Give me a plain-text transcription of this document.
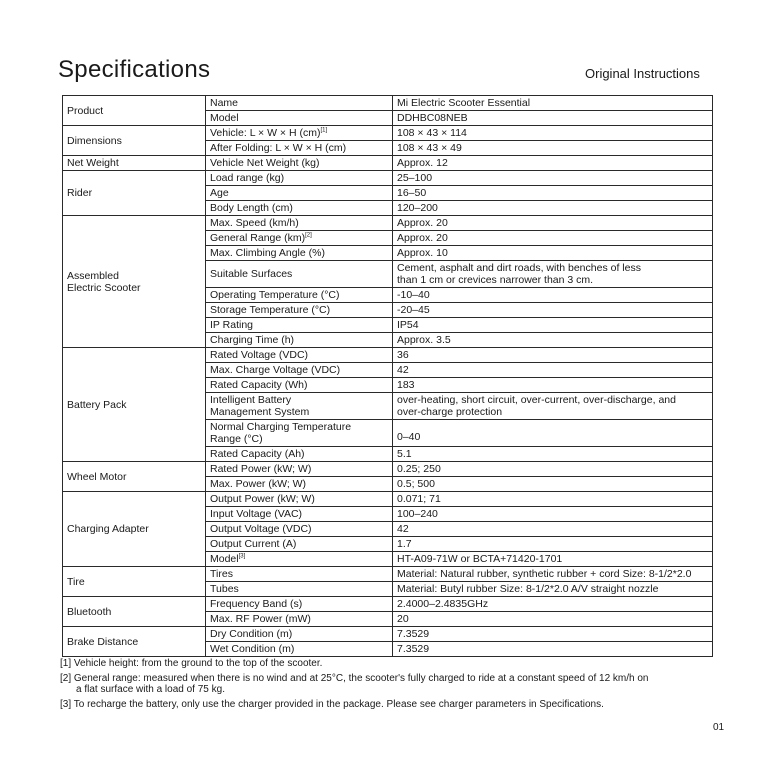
Specifications	Original Instructions
Product	Name	Mi Electric Scooter Essential
	Model	DDHBC08NEB
Dimensions	Vehicle: L × W × H (cm)[1]	108 × 43 × 114
	After Folding: L × W × H (cm)	108 × 43 × 49
Net Weight	Vehicle Net Weight (kg)	Approx. 12
Rider	Load range (kg)	25–100
	Age	16–50
	Body Length (cm)	120–200
Assembled
Electric Scooter	Max. Speed (km/h)	Approx. 20
	General Range (km)[2]	Approx. 20
	Max. Climbing Angle (%)	Approx. 10
	Suitable Surfaces	Cement, asphalt and dirt roads, with benches of less
than 1 cm or crevices narrower than 3 cm.
	Operating Temperature (°C)	-10–40
	Storage Temperature (°C)	-20–45
	IP Rating	IP54
	Charging Time (h)	Approx. 3.5
Battery Pack	Rated Voltage (VDC)	36
	Max. Charge Voltage (VDC)	42
	Rated Capacity (Wh)	183
	Intelligent Battery
Management System	over-heating, short circuit, over-current, over-discharge, and
over-charge protection
	Normal Charging Temperature
Range (°C)	0–40
	Rated Capacity (Ah)	5.1
Wheel Motor	Rated Power (kW; W)	0.25; 250
	Max. Power (kW; W)	0.5; 500
Charging Adapter	Output Power (kW; W)	0.071; 71
	Input Voltage (VAC)	100–240
	Output Voltage (VDC)	42
	Output Current (A)	1.7
	Model[3]	HT-A09-71W or BCTA+71420-1701
Tire	Tires	Material: Natural rubber, synthetic rubber + cord Size: 8-1/2*2.0
	Tubes	Material: Butyl rubber Size: 8-1/2*2.0 A/V straight nozzle
Bluetooth	Frequency Band (s)	2.4000–2.4835GHz
	Max. RF Power (mW)	20
Brake Distance	Dry Condition (m)	7.3529
	Wet Condition (m)	7.3529
[1] Vehicle height: from the ground to the top of the scooter.
[2] General range: measured when there is no wind and at 25°C, the scooter's fully charged to ride at a constant speed of 12 km/h on
a flat surface with a load of 75 kg.
[3] To recharge the battery, only use the charger provided in the package. Please see charger parameters in Specifications.
01
